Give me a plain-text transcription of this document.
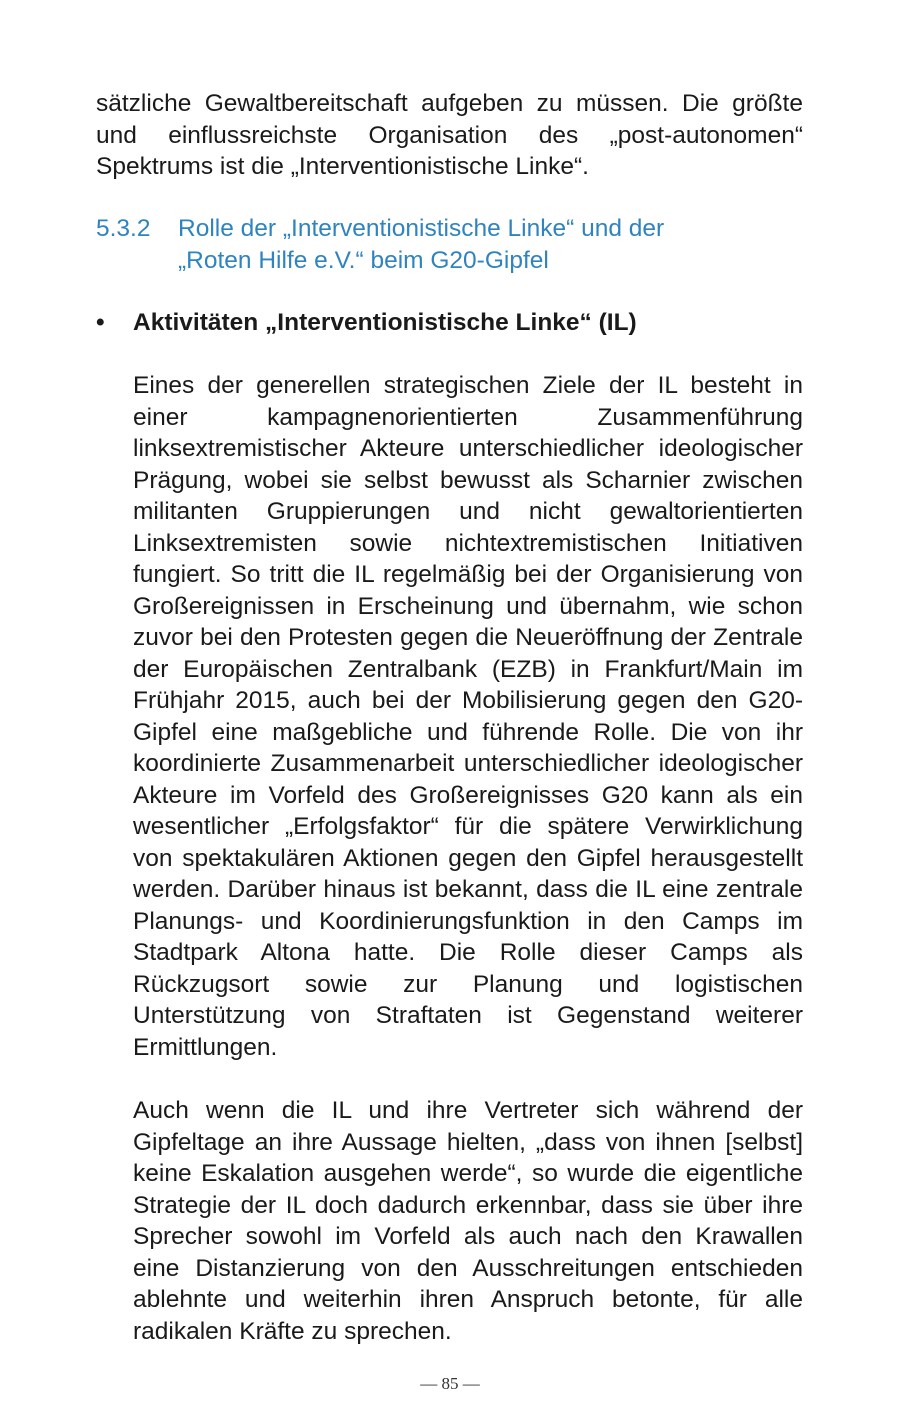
sätzliche Gewaltbereitschaft aufgeben zu müssen. Die größte und einflussreichste Organisation des „post-autonomen“ Spektrums ist die „Interventionistische Linke“.

5.3.2	Rolle der „Interventionistische Linke“ und der
„Roten Hilfe e.V.“ beim G20-Gipfel
•	Aktivitäten „Interventionistische Linke“ (IL)

Eines der generellen strategischen Ziele der IL besteht in einer kampagnenorientierten Zusammenführung linksextremistischer Akteure unterschiedlicher ideologischer Prägung, wobei sie selbst bewusst als Scharnier zwischen militanten Gruppierungen und nicht gewaltorientierten Linksextremisten sowie nichtextremistischen Initiativen fungiert. So tritt die IL regelmäßig bei der Organisierung von Großereignissen in Erscheinung und übernahm, wie schon zuvor bei den Protesten gegen die Neueröffnung der Zentrale der Europäischen Zentralbank (EZB) in Frankfurt/Main im Frühjahr 2015, auch bei der Mobilisierung gegen den G20-Gipfel eine maßgebliche und führende Rolle. Die von ihr koordinierte Zusammenarbeit unterschiedlicher ideologischer Akteure im Vorfeld des Großereignisses G20 kann als ein wesentlicher „Erfolgsfaktor“ für die spätere Verwirklichung von spektakulären Aktionen gegen den Gipfel herausgestellt werden. Darüber hinaus ist bekannt, dass die IL eine zentrale Planungs- und Koordinierungsfunktion in den Camps im Stadtpark Altona hatte. Die Rolle dieser Camps als Rückzugsort sowie zur Planung und logistischen Unterstützung von Straftaten ist Gegenstand weiterer Ermittlungen.

Auch wenn die IL und ihre Vertreter sich während der Gipfeltage an ihre Aussage hielten, „dass von ihnen [selbst] keine Eskalation ausgehen werde“, so wurde die eigentliche Strategie der IL doch dadurch erkennbar, dass sie über ihre Sprecher sowohl im Vorfeld als auch nach den Krawallen eine Distanzierung von den Ausschreitungen entschieden ablehnte und weiterhin ihren Anspruch betonte, für alle radikalen Kräfte zu sprechen.

— 85 —
